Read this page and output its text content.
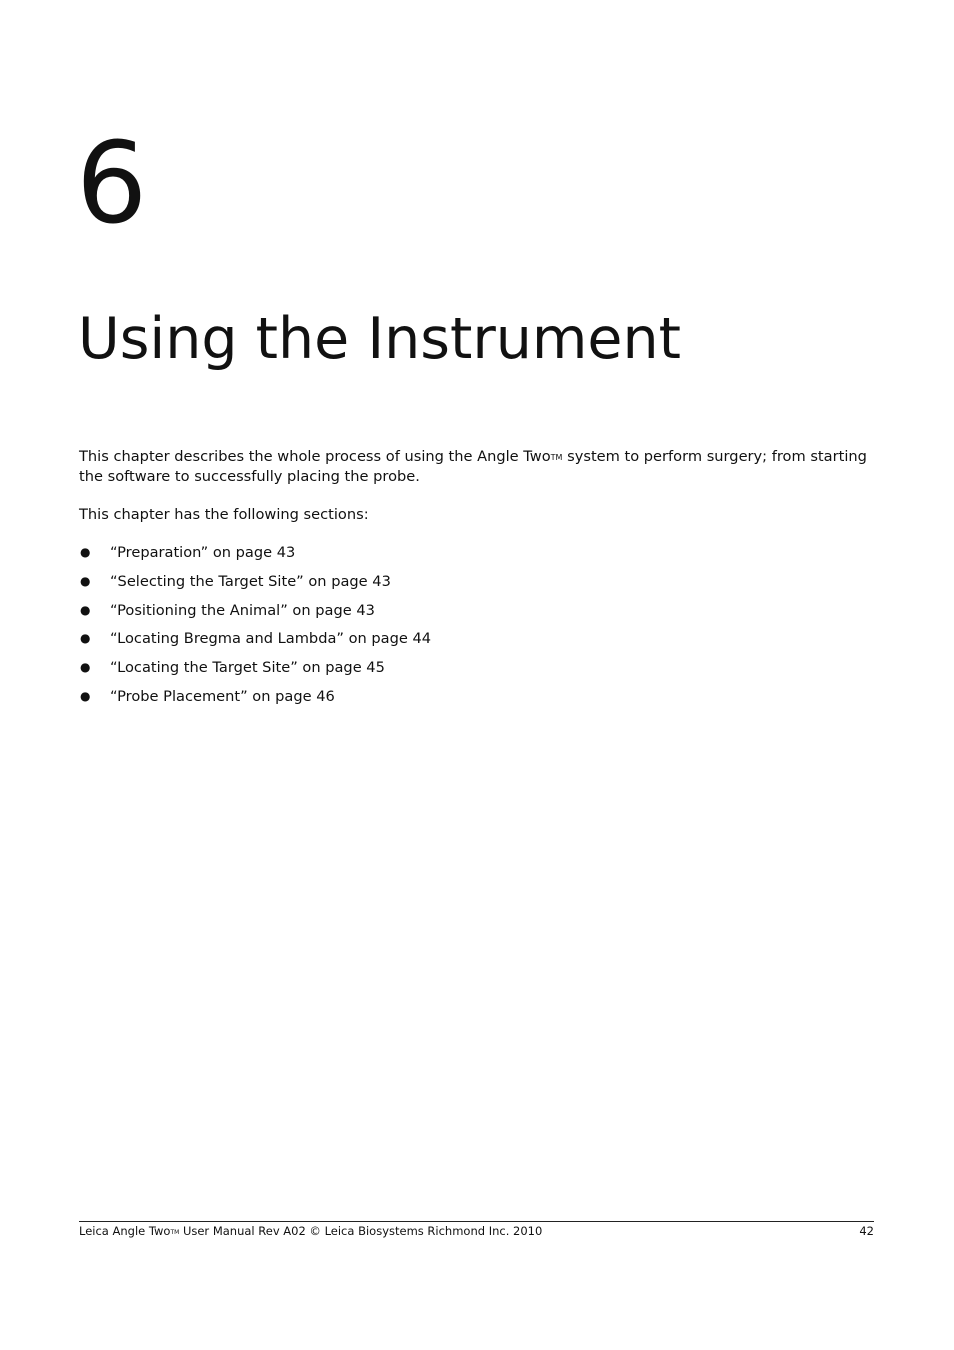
6
Using the Instrument

This chapter describes the whole process of using the Angle TwoTM system to perform surgery; from starting the software to successfully placing the probe.

This chapter has the following sections:

● “Preparation” on page 43
● “Selecting the Target Site” on page 43
● “Positioning the Animal” on page 43
● “Locating Bregma and Lambda” on page 44
● “Locating the Target Site” on page 45
● “Probe Placement” on page 46
Leica Angle TwoTM User Manual Rev A02 © Leica Biosystems Richmond Inc. 2010	42
